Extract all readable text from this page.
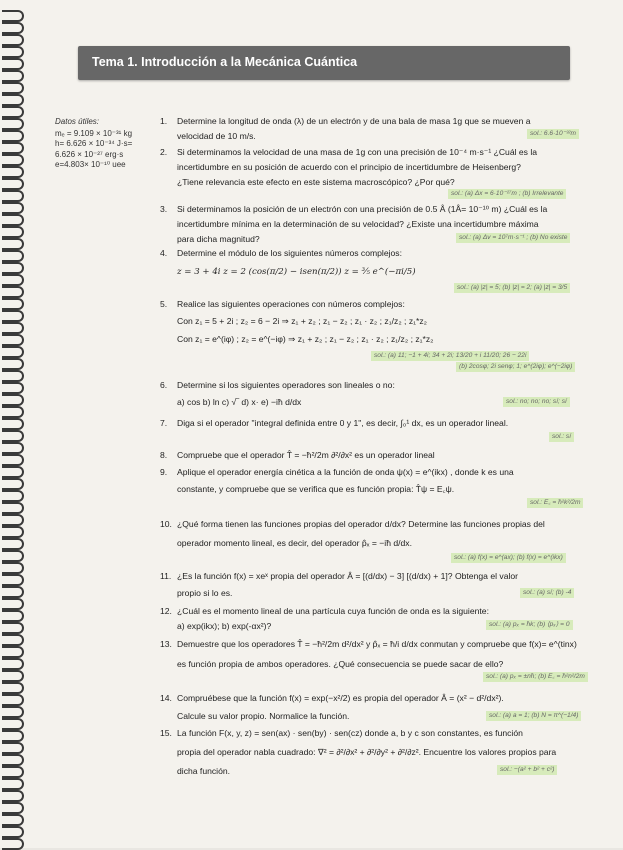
Tema 1. Introducción a la Mecánica Cuántica
Datos útiles:
mₑ = 9.109 × 10⁻³¹ kg
h= 6.626 × 10⁻³⁴ J·s=
6.626 × 10⁻²⁷ erg·s
e=4.803× 10⁻¹⁰ uee
1. Determine la longitud de onda (λ) de un electrón y de una bala de masa 1g que se mueven a
velocidad de 10 m/s.	sol.: 6.6·10⁻³²m
2. Si determinamos la velocidad de una masa de 1g con una precisión de 10⁻⁴ m·s⁻¹ ¿Cuál es la
incertidumbre en su posición de acuerdo con el principio de incertidumbre de Heisenberg?
¿Tiene relevancia este efecto en este sistema macroscópico? ¿Por qué?
sol.: (a) Δx = 6·10⁻²⁷m ; (b) Irrelevante
3. Si determinamos la posición de un electrón con una precisión de 0.5 Å (1Å= 10⁻¹⁰ m) ¿Cuál es la
incertidumbre mínima en la determinación de su velocidad? ¿Existe una incertidumbre máxima
para dicha magnitud?	sol.: (a) Δv = 10⁷m·s⁻¹ ; (b) No existe
4. Determine el módulo de los siguientes números complejos:
z = 3 + 4i z = 2 (cos(π/2) − isen(π/2)) z = ³⁄₅ e^(−πi/5)
sol.: (a) |z| = 5; (b) |z| = 2; (a) |z| = 3/5
5. Realice las siguientes operaciones con números complejos:
Con z₁ = 5 + 2i ; z₂ = 6 − 2i ⇒ z₁ + z₂ ; z₁ − z₂ ; z₁ · z₂ ; z₁/z₂ ; z₁*z₂
Con z₁ = e^(iφ) ; z₂ = e^(−iφ) ⇒ z₁ + z₂ ; z₁ − z₂ ; z₁ · z₂ ; z₁/z₂ ; z₁*z₂
sol.: (a) 11; −1 + 4i; 34 + 2i; 13/20 + i 11/20; 26 − 22i
(b) 2cosφ; 2i senφ; 1; e^(2iφ); e^(−2iφ)
6. Determine si los siguientes operadores son lineales o no:
a) cos b) ln c) √‾ d) x· e) −iħ d/dx	sol.: no; no; no; sí; sí
7. Diga si el operador "integral definida entre 0 y 1", es decir, ∫₀¹ dx, es un operador lineal.
sol.: sí
8. Compruebe que el operador T̂ = −ħ²/2m ∂²/∂x² es un operador lineal
9. Aplique el operador energía cinética a la función de onda ψ(x) = e^(ikx) , donde k es una
constante, y compruebe que se verifica que es función propia: T̂ψ = E꜀ψ.
sol.: E꜀ = ħ²k²/2m
10. ¿Qué forma tienen las funciones propias del operador d/dx? Determine las funciones propias del
operador momento lineal, es decir, del operador p̂ₓ = −iħ d/dx.
sol.: (a) f(x) = e^(ax); (b) f(x) = e^(ikx)
11. ¿Es la función f(x) = xeˣ propia del operador Â = [(d/dx) − 3] [(d/dx) + 1]? Obtenga el valor
propio si lo es.	sol.: (a) sí; (b) -4
12. ¿Cuál es el momento lineal de una partícula cuya función de onda es la siguiente:
a) exp(ikx); b) exp(-αx²)?	sol.: (a) pₓ = ħk; (b) ⟨pₓ⟩ = 0
13. Demuestre que los operadores T̂ = −ħ²/2m d²/dx² y p̂ₓ = ħ/i d/dx conmutan y compruebe que f(x)= e^(tinx)
es función propia de ambos operadores. ¿Qué consecuencia se puede sacar de ello?
sol.: (a) pₓ = ±nħ; (b) E꜀ = ħ²n²/2m
14. Compruébese que la función f(x) = exp(−x²/2) es propia del operador Â = (x² − d²/dx²).
Calcule su valor propio. Normalice la función.	sol.: (a) a = 1; (b) N = π^(−1/4)
15. La función F(x, y, z) = sen(ax) · sen(by) · sen(cz) donde a, b y c son constantes, es función
propia del operador nabla cuadrado: ∇² = ∂²/∂x² + ∂²/∂y² + ∂²/∂z². Encuentre los valores propios para
dicha función.	sol.: −(a² + b² + c²)
